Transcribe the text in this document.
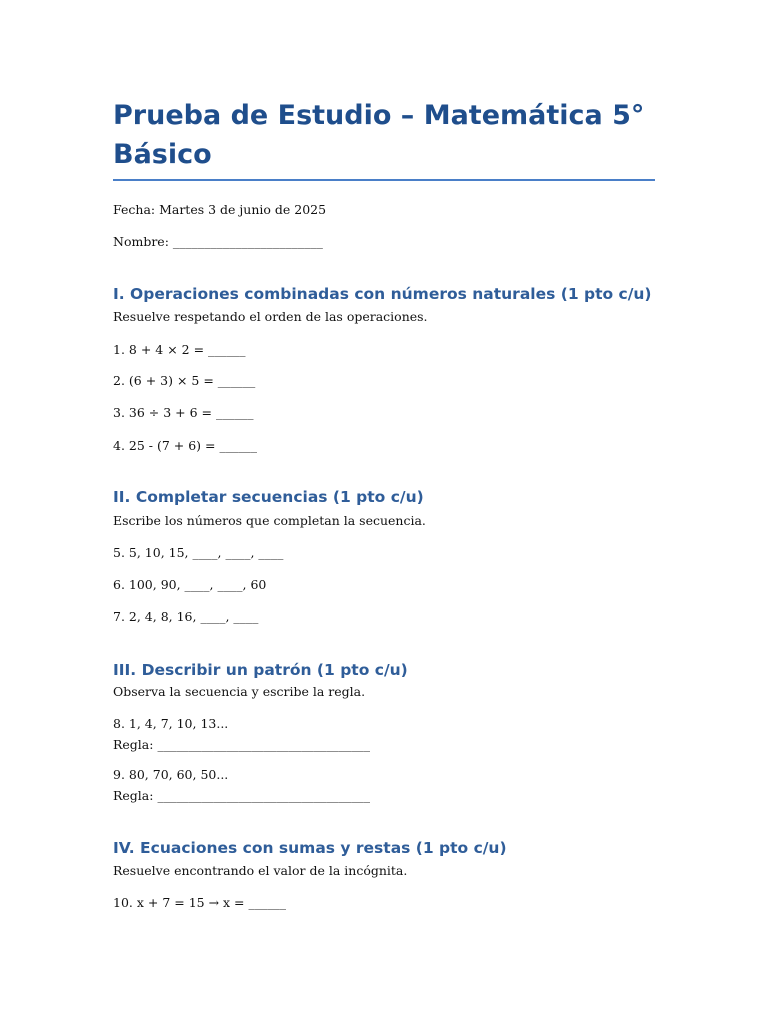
Prueba de Estudio – Matemática 5° Básico
Fecha: Martes 3 de junio de 2025
Nombre: ________________________
I. Operaciones combinadas con números naturales (1 pto c/u)
Resuelve respetando el orden de las operaciones.
1. 8 + 4 × 2 = ______
2. (6 + 3) × 5 = ______
3. 36 ÷ 3 + 6 = ______
4. 25 - (7 + 6) = ______
II. Completar secuencias (1 pto c/u)
Escribe los números que completan la secuencia.
5. 5, 10, 15, ____, ____, ____
6. 100, 90, ____, ____, 60
7. 2, 4, 8, 16, ____, ____
III. Describir un patrón (1 pto c/u)
Observa la secuencia y escribe la regla.
8. 1, 4, 7, 10, 13...
Regla: __________________________________
9. 80, 70, 60, 50...
Regla: __________________________________
IV. Ecuaciones con sumas y restas (1 pto c/u)
Resuelve encontrando el valor de la incógnita.
10. x + 7 = 15 → x = ______
